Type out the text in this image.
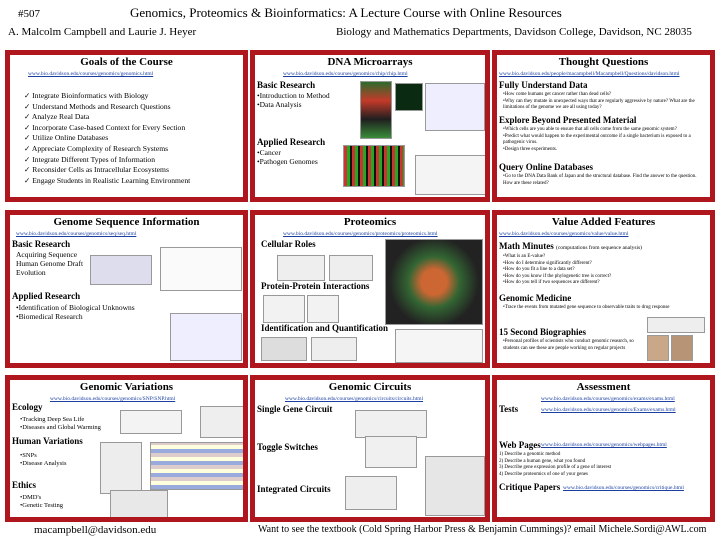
#507	Genomics, Proteomics & Bioinformatics: A Lecture Course with Online Resources
A. Malcolm Campbell and Laurie J. Heyer	Biology and Mathematics Departments, Davidson College, Davidson, NC 28035
Goals of the Course
www.bio.davidson.edu/courses/genomics/genomics.html
✓ Integrate Bioinformatics with Biology
✓ Understand Methods and Research Questions
✓ Analyze Real Data
✓ Incorporate Case-based Context for Every Section
✓ Utilize Online Databases
✓ Appreciate Complexity of Research Systems
✓ Integrate Different Types of Information
✓ Reconsider Cells as Intracellular Ecosystems
✓ Engage Students in Realistic Learning Environment
DNA Microarrays
www.bio.davidson.edu/courses/genomics/chip/chip.html
Basic Research
• Introduction to Method
• Data Analysis
Applied Research
• Cancer
• Pathogen Genomes
Thought Questions
www.bio.davidson.edu/people/macampbell/Macampbell/Questions/davidson.html
Fully Understand Data
• How come humans get cancer rather than dead cells?
• Why can they mutate in unexpected ways that are regularly aggressive by nature? What are the limitations of the genome we are all using today?
Explore Beyond Presented Material
• Which cells are you able to ensure that all cells come from the same genomic system?
• Predict what would happen to the experimental outcome if a single bacterium is exposed to a pathogenic virus.
• Design three experiments.
Query Online Databases
• Go to the DNA Data Bank of Japan and the structural database. Find the answer to the question. How are these related?
Genome Sequence Information
www.bio.davidson.edu/courses/genomics/seq/seq.html
Basic Research
Acquiring Sequence
Human Genome Draft
Evolution
Applied Research
• Identification of Biological Unknowns
• Biomedical Research
Proteomics
www.bio.davidson.edu/courses/genomics/proteomics/proteomics.html
Cellular Roles
Protein-Protein Interactions
Identification and Quantification
Value Added Features
www.bio.davidson.edu/courses/genomics/value/value.html
Math Minutes (computations from sequence analysis)
• What is an E-value?
• How do I determine significantly different?
• How do you fit a line to a data set?
• How do you know if the phylogenetic tree is correct?
• How do you tell if two sequences are different?
Genomic Medicine
• Trace the events from mutated gene sequence to observable traits to drug response
15 Second Biographies
• Personal profiles of scientists who conduct genomic research, so students can see these are people working on regular projects
Genomic Variations
www.bio.davidson.edu/courses/genomics/SNP/SNP.html
Ecology
• Tracking Deep Sea Life
• Diseases and Global Warming
Human Variations
• SNPs
• Disease Analysis
Ethics
• DMD's
• Genetic Testing
Genomic Circuits
www.bio.davidson.edu/courses/genomics/circuits/circuits.html
Single Gene Circuit
Toggle Switches
Integrated Circuits
Assessment
www.bio.davidson.edu/courses/genomics/exams/exams.html
Tests	www.bio.davidson.edu/courses/genomics/Exams/exams.html
Web Pages www.bio.davidson.edu/courses/genomics/webpages.html
1) Describe a genomic method
2) Describe a human gene, what you found
3) Describe gene expression profile of a gene of interest
4) Describe proteomics of one of your genes
Critique Papers www.bio.davidson.edu/courses/genomics/critique.html
macampbell@davidson.edu	Want to see the textbook (Cold Spring Harbor Press & Benjamin Cummings)? email Michele.Sordi@AWL.com
